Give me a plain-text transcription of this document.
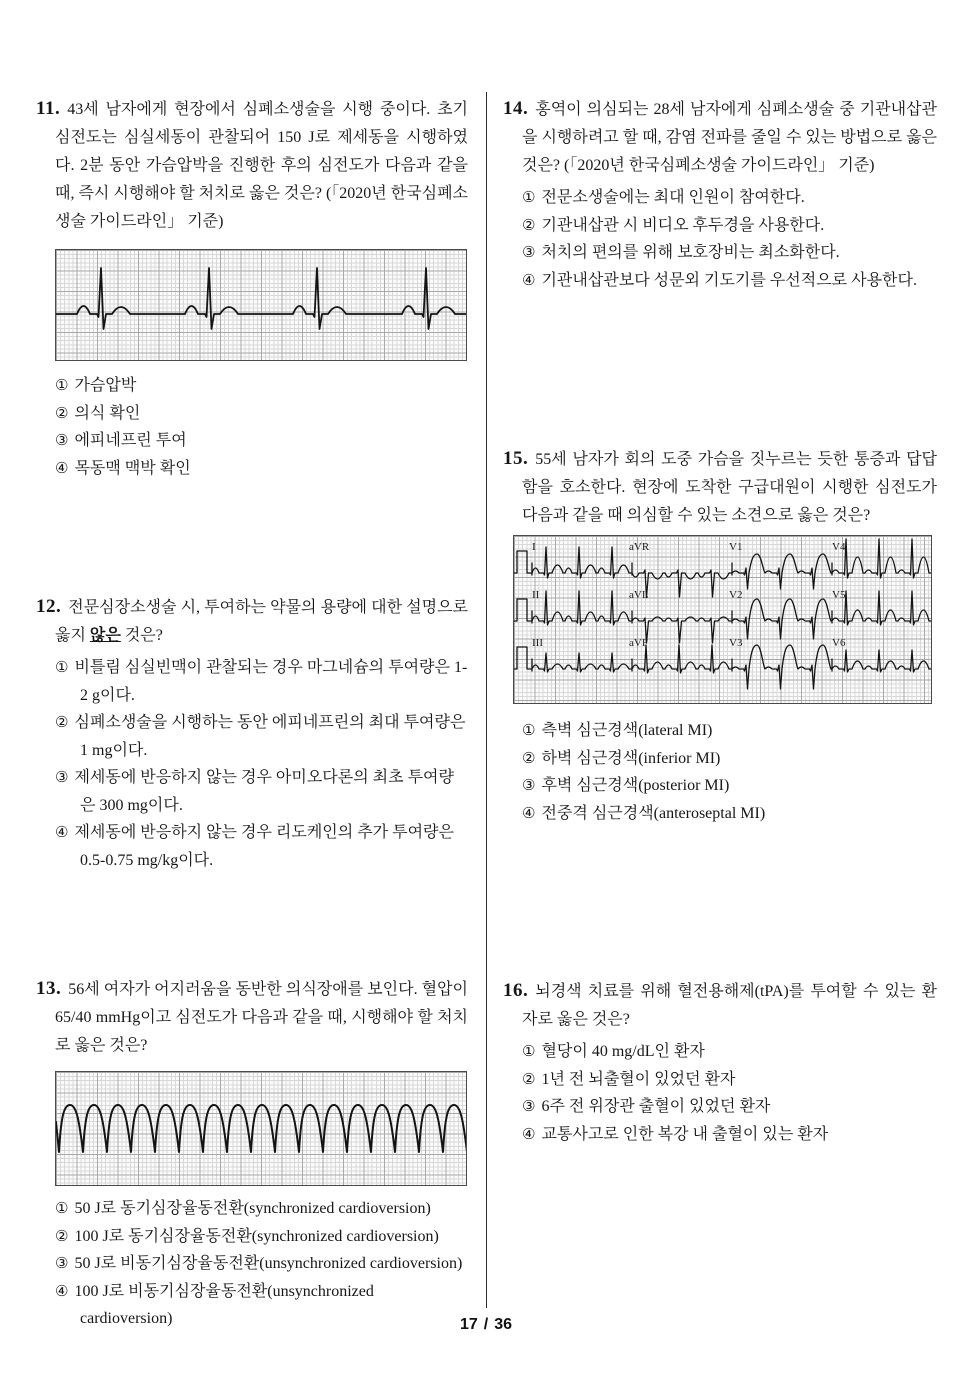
11. 43세 남자에게 현장에서 심폐소생술을 시행 중이다. 초기 심전도는 심실세동이 관찰되어 150 J로 제세동을 시행하였다. 2분 동안 가슴압박을 진행한 후의 심전도가 다음과 같을 때, 즉시 시행해야 할 처치로 옳은 것은? (「2020년 한국심폐소생술 가이드라인」 기준)

① 가슴압박
② 의식 확인
③ 에피네프린 투여
④ 목동맥 맥박 확인

12. 전문심장소생술 시, 투여하는 약물의 용량에 대한 설명으로 옳지 않은 것은?

① 비틀림 심실빈맥이 관찰되는 경우 마그네슘의 투여량은 1-2 g이다.
② 심폐소생술을 시행하는 동안 에피네프린의 최대 투여량은 1 mg이다.
③ 제세동에 반응하지 않는 경우 아미오다론의 최초 투여량은 300 mg이다.
④ 제세동에 반응하지 않는 경우 리도케인의 추가 투여량은 0.5-0.75 mg/kg이다.

13. 56세 여자가 어지러움을 동반한 의식장애를 보인다. 혈압이 65/40 mmHg이고 심전도가 다음과 같을 때, 시행해야 할 처치로 옳은 것은?

① 50 J로 동기심장율동전환(synchronized cardioversion)
② 100 J로 동기심장율동전환(synchronized cardioversion)
③ 50 J로 비동기심장율동전환(unsynchronized cardioversion)
④ 100 J로 비동기심장율동전환(unsynchronized cardioversion)

14. 홍역이 의심되는 28세 남자에게 심폐소생술 중 기관내삽관을 시행하려고 할 때, 감염 전파를 줄일 수 있는 방법으로 옳은 것은? (「2020년 한국심폐소생술 가이드라인」 기준)

① 전문소생술에는 최대 인원이 참여한다.
② 기관내삽관 시 비디오 후두경을 사용한다.
③ 처치의 편의를 위해 보호장비는 최소화한다.
④ 기관내삽관보다 성문외 기도기를 우선적으로 사용한다.

15. 55세 남자가 회의 도중 가슴을 짓누르는 듯한 통증과 답답함을 호소한다. 현장에 도착한 구급대원이 시행한 심전도가 다음과 같을 때 의심할 수 있는 소견으로 옳은 것은?

I	aVR	V1	V4
II	aVL	V2	V5
III	aVF	V3	V6
① 측벽 심근경색(lateral MI)
② 하벽 심근경색(inferior MI)
③ 후벽 심근경색(posterior MI)
④ 전중격 심근경색(anteroseptal MI)

16. 뇌경색 치료를 위해 혈전용해제(tPA)를 투여할 수 있는 환자로 옳은 것은?

① 혈당이 40 mg/dL인 환자
② 1년 전 뇌출혈이 있었던 환자
③ 6주 전 위장관 출혈이 있었던 환자
④ 교통사고로 인한 복강 내 출혈이 있는 환자
17 / 36
